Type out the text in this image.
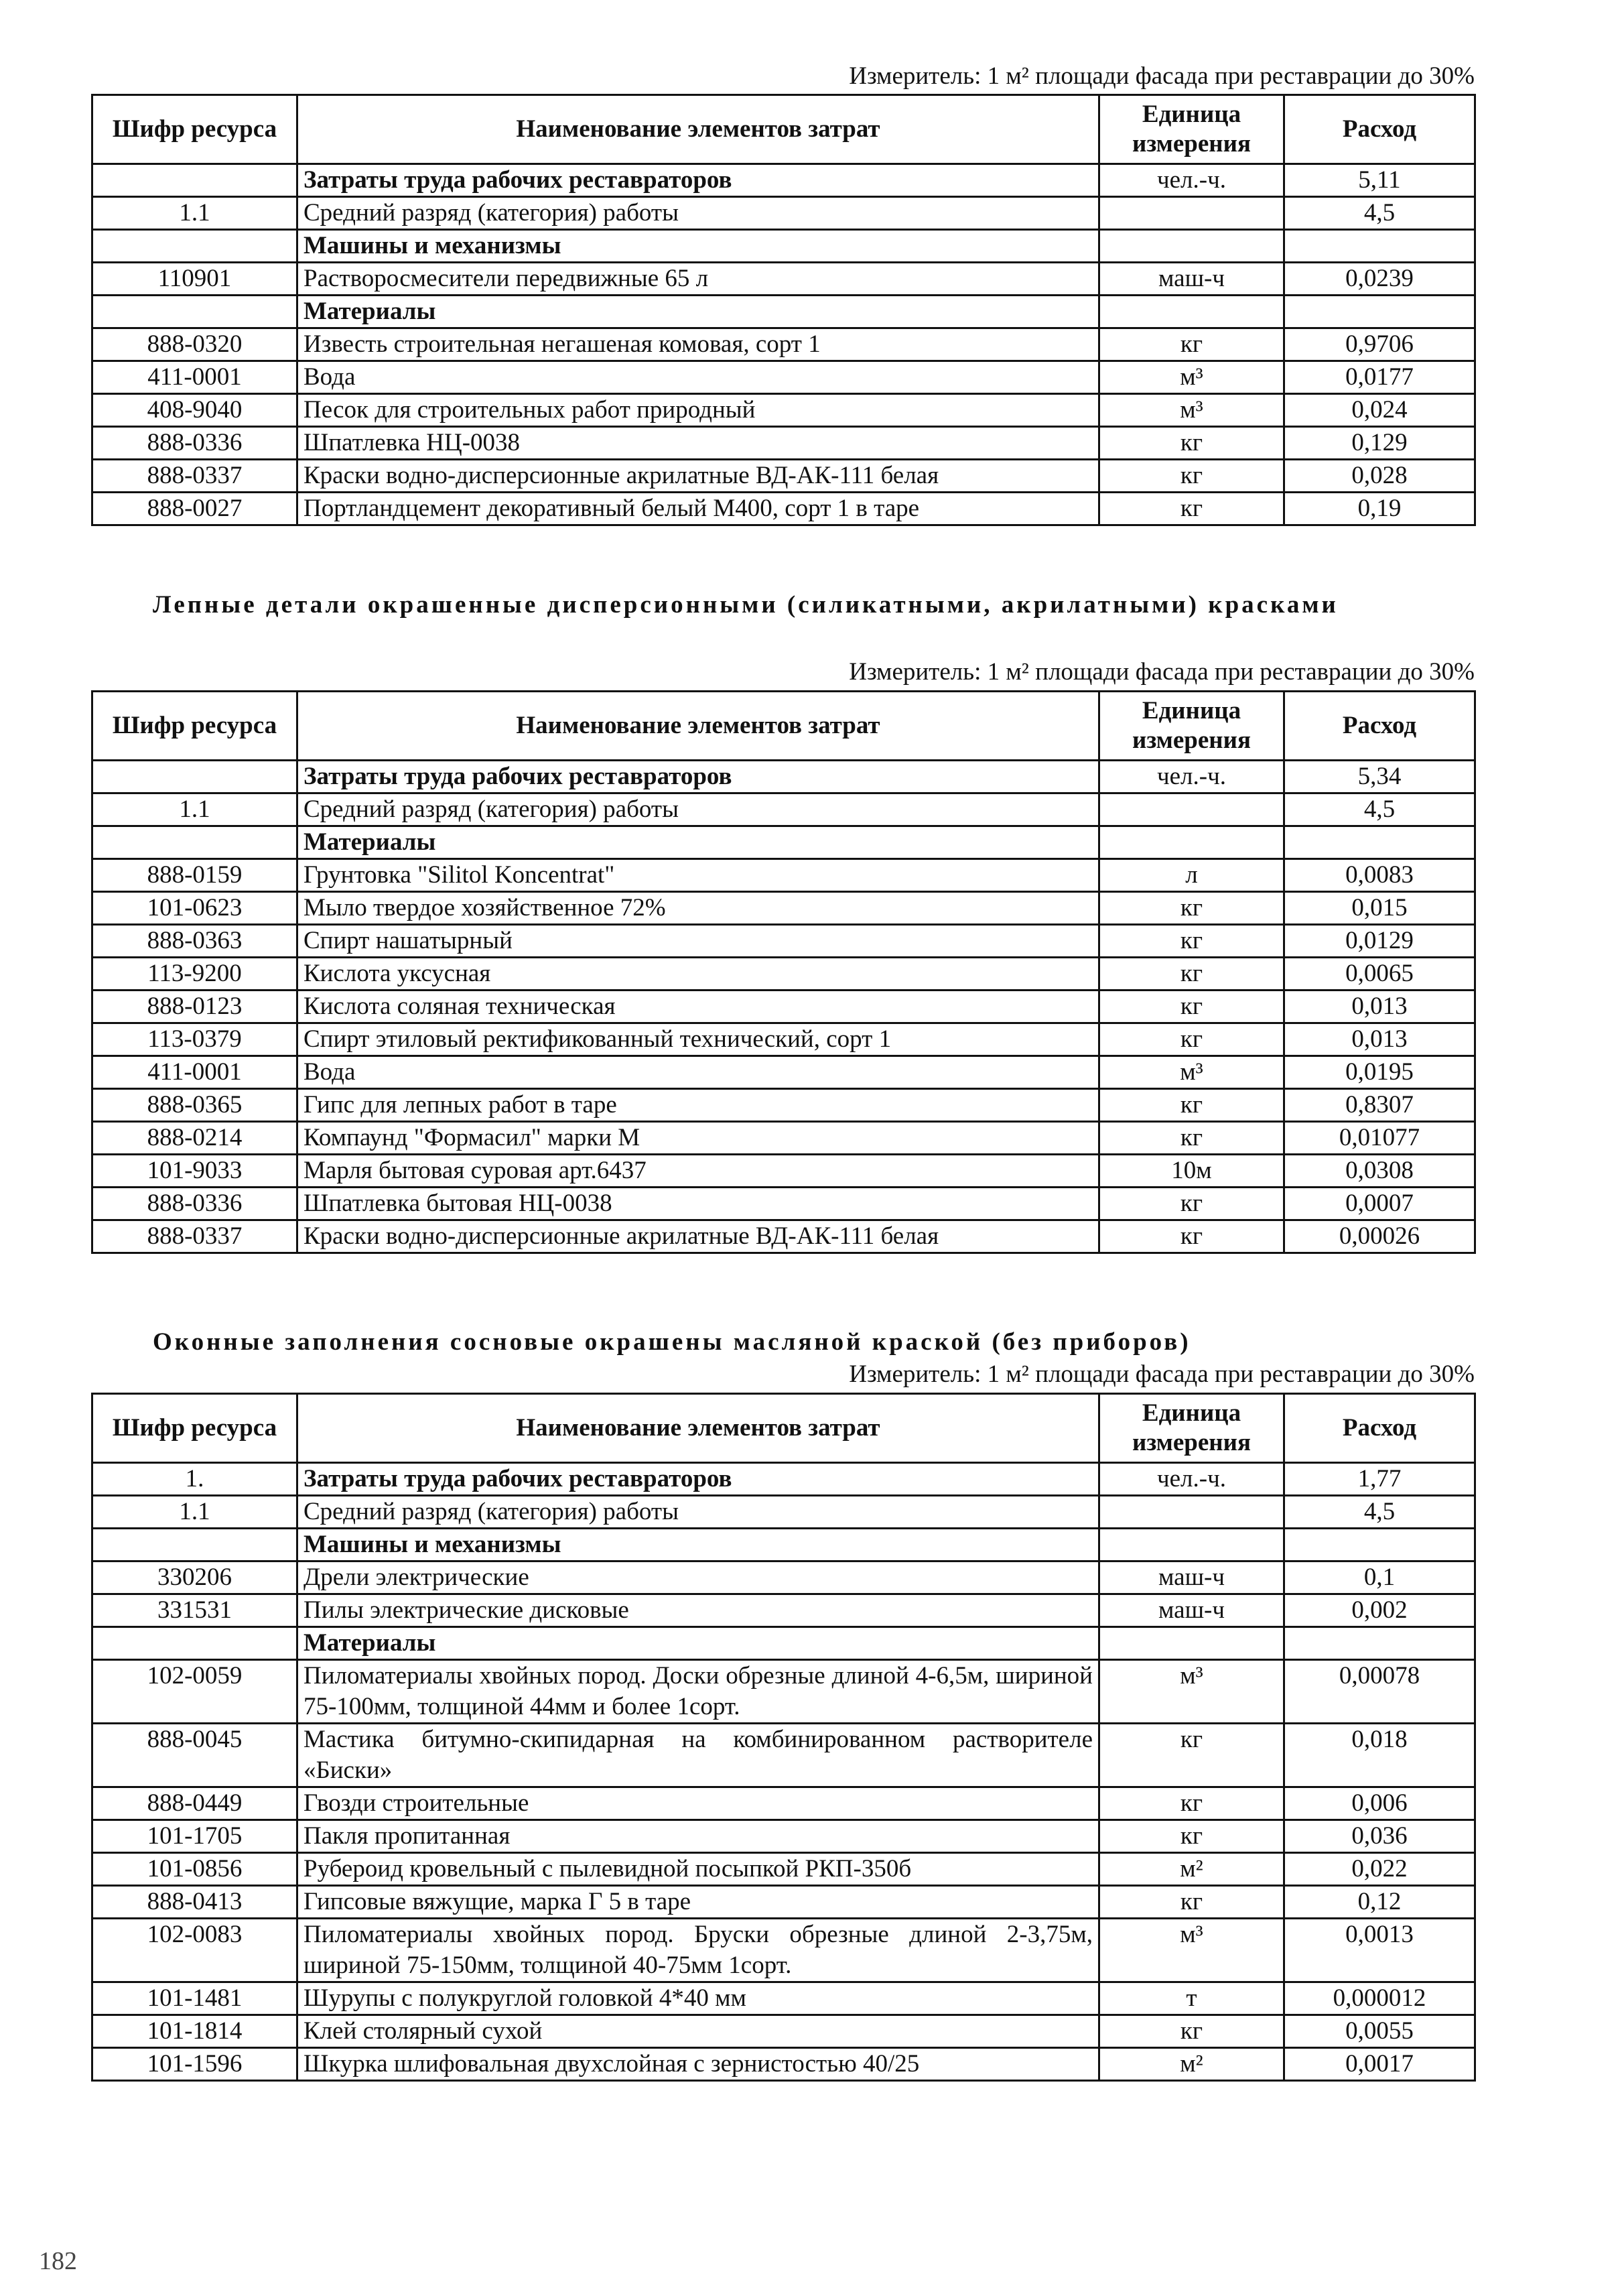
Измеритель: 1 м² площади фасада при реставрации до 30%
Шифр ресурса	Наименование элементов затрат	Единица измерения	Расход
	Затраты труда рабочих реставраторов	чел.-ч.	5,11
1.1	Средний разряд (категория) работы		4,5
	Машины и механизмы		
110901	Растворосмесители передвижные 65 л	маш-ч	0,0239
	Материалы		
888-0320	Известь строительная негашеная комовая, сорт 1	кг	0,9706
411-0001	Вода	м³	0,0177
408-9040	Песок для строительных работ природный	м³	0,024
888-0336	Шпатлевка НЦ-0038	кг	0,129
888-0337	Краски водно-дисперсионные акрилатные ВД-АК-111 белая	кг	0,028
888-0027	Портландцемент декоративный белый М400, сорт 1 в таре	кг	0,19
Лепные детали окрашенные дисперсионными (силикатными, акрилатными) красками
Измеритель: 1 м² площади фасада при реставрации до 30%
Шифр ресурса	Наименование элементов затрат	Единица измерения	Расход
	Затраты труда рабочих реставраторов	чел.-ч.	5,34
1.1	Средний разряд (категория) работы		4,5
	Материалы		
888-0159	Грунтовка "Silitol Koncentrat"	л	0,0083
101-0623	Мыло твердое хозяйственное 72%	кг	0,015
888-0363	Спирт нашатырный	кг	0,0129
113-9200	Кислота уксусная	кг	0,0065
888-0123	Кислота соляная техническая	кг	0,013
113-0379	Спирт этиловый ректификованный технический, сорт 1	кг	0,013
411-0001	Вода	м³	0,0195
888-0365	Гипс для лепных работ в таре	кг	0,8307
888-0214	Компаунд "Формасил" марки М	кг	0,01077
101-9033	Марля бытовая суровая арт.6437	10м	0,0308
888-0336	Шпатлевка бытовая НЦ-0038	кг	0,0007
888-0337	Краски водно-дисперсионные акрилатные ВД-АК-111 белая	кг	0,00026
Оконные заполнения сосновые окрашены масляной краской (без приборов)
Измеритель: 1 м² площади фасада при реставрации до 30%
Шифр ресурса	Наименование элементов затрат	Единица измерения	Расход
1.	Затраты труда рабочих реставраторов	чел.-ч.	1,77
1.1	Средний разряд (категория) работы		4,5
	Машины и механизмы		
330206	Дрели электрические	маш-ч	0,1
331531	Пилы электрические дисковые	маш-ч	0,002
	Материалы		
102-0059	Пиломатериалы хвойных пород. Доски обрезные длиной 4-6,5м, шириной 75-100мм, толщиной 44мм и более 1сорт.	м³	0,00078
888-0045	Мастика битумно-скипидарная на комбинированном растворителе «Биски»	кг	0,018
888-0449	Гвозди строительные	кг	0,006
101-1705	Пакля пропитанная	кг	0,036
101-0856	Рубероид кровельный с пылевидной посыпкой РКП-350б	м²	0,022
888-0413	Гипсовые вяжущие, марка Г 5 в таре	кг	0,12
102-0083	Пиломатериалы хвойных пород. Бруски обрезные длиной 2-3,75м, шириной 75-150мм, толщиной 40-75мм 1сорт.	м³	0,0013
101-1481	Шурупы с полукруглой головкой 4*40 мм	т	0,000012
101-1814	Клей столярный сухой	кг	0,0055
101-1596	Шкурка шлифовальная двухслойная с зернистостью 40/25	м²	0,0017
182
